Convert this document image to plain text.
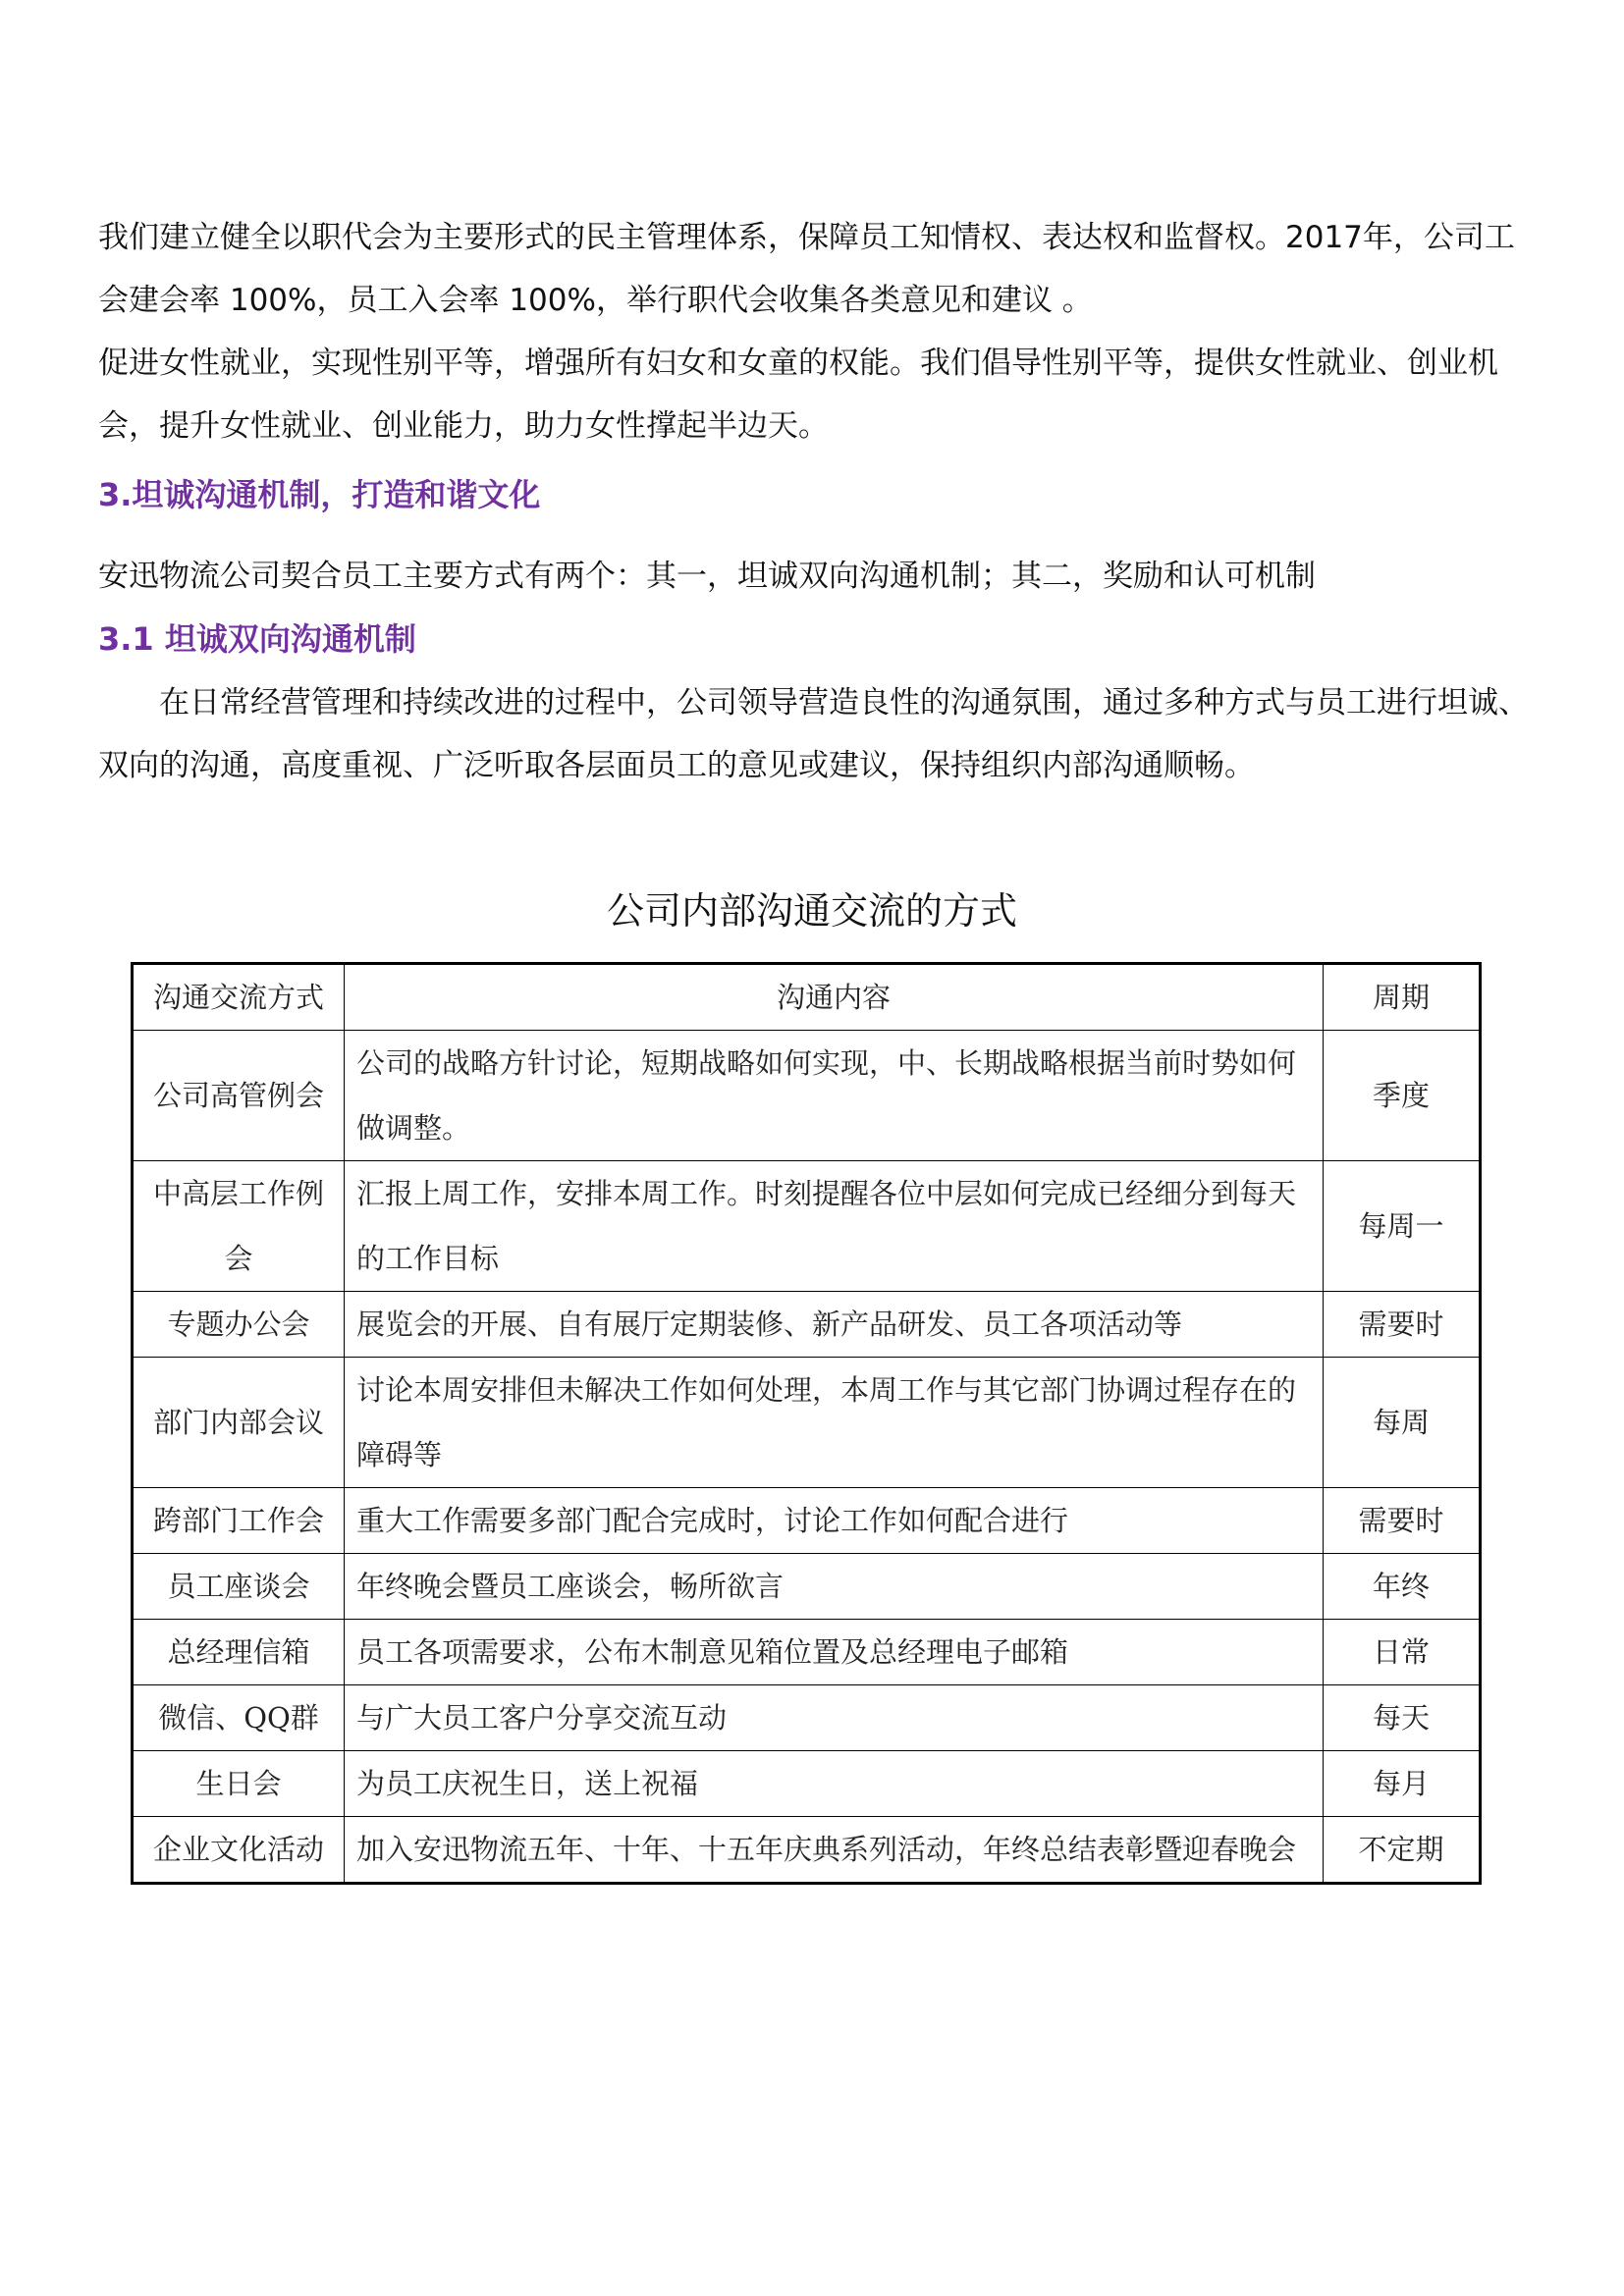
我们建立健全以职代会为主要形式的民主管理体系，保障员工知情权、表达权和监督权。2017年，公司工会建会率 100%，员工入会率 100%，举行职代会收集各类意见和建议 。

促进女性就业，实现性别平等，增强所有妇女和女童的权能。我们倡导性别平等，提供女性就业、创业机会，提升女性就业、创业能力，助力女性撑起半边天。

3.坦诚沟通机制，打造和谐文化

安迅物流公司契合员工主要方式有两个：其一，坦诚双向沟通机制；其二，奖励和认可机制

3.1 坦诚双向沟通机制

在日常经营管理和持续改进的过程中，公司领导营造良性的沟通氛围，通过多种方式与员工进行坦诚、双向的沟通，高度重视、广泛听取各层面员工的意见或建议，保持组织内部沟通顺畅。

公司内部沟通交流的方式
沟通交流方式	沟通内容	周期
公司高管例会	公司的战略方针讨论，短期战略如何实现，中、长期战略根据当前时势如何做调整。	季度
中高层工作例会	汇报上周工作，安排本周工作。时刻提醒各位中层如何完成已经细分到每天的工作目标	每周一
专题办公会	展览会的开展、自有展厅定期装修、新产品研发、员工各项活动等	需要时
部门内部会议	讨论本周安排但未解决工作如何处理，本周工作与其它部门协调过程存在的障碍等	每周
跨部门工作会	重大工作需要多部门配合完成时，讨论工作如何配合进行	需要时
员工座谈会	年终晚会暨员工座谈会，畅所欲言	年终
总经理信箱	员工各项需要求，公布木制意见箱位置及总经理电子邮箱	日常
微信、QQ群	与广大员工客户分享交流互动	每天
生日会	为员工庆祝生日，送上祝福	每月
企业文化活动	加入安迅物流五年、十年、十五年庆典系列活动，年终总结表彰暨迎春晚会	不定期
